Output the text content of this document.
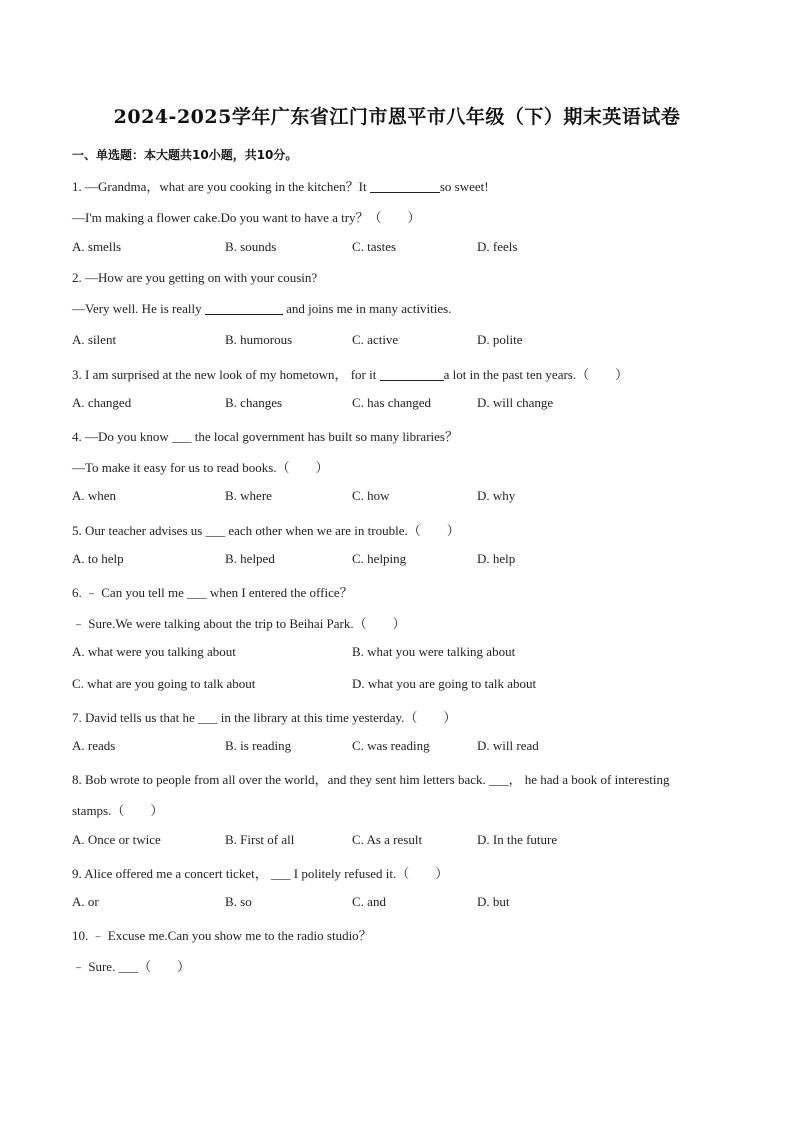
2024-2025学年广东省江门市恩平市八年级（下）期末英语试卷
一、单选题：本大题共10小题，共10分。
1. —Grandma，what are you cooking in the kitchen？It	so sweet!
—I'm making a flower cake.Do you want to have a try？（　　）
A. smells	B. sounds	C. tastes	D. feels
2. —How are you getting on with your cousin?
—Very well. He is really	and joins me in many activities.
A. silent	B. humorous	C. active	D. polite
3. I am surprised at the new look of my hometown， for it	a lot in the past ten years.（　　）
A. changed	B. changes	C. has changed	D. will change
4. —Do you know ___ the local government has built so many libraries？
—To make it easy for us to read books.（　　）
A. when	B. where	C. how	D. why
5. Our teacher advises us ___ each other when we are in trouble.（　　）
A. to help	B. helped	C. helping	D. help
6. ﹣ Can you tell me ___ when I entered the office？
﹣ Sure.We were talking about the trip to Beihai Park.（　　）
A. what were you talking about	B. what you were talking about
C. what are you going to talk about	D. what you are going to talk about
7. David tells us that he ___ in the library at this time yesterday.（　　）
A. reads	B. is reading	C. was reading	D. will read
8. Bob wrote to people from all over the world，and they sent him letters back. ___， he had a book of interesting
stamps.（　　）
A. Once or twice	B. First of all	C. As a result	D. In the future
9. Alice offered me a concert ticket， ___ I politely refused it.（　　）
A. or	B. so	C. and	D. but
10. ﹣ Excuse me.Can you show me to the radio studio？
﹣ Sure. ___（　　）
